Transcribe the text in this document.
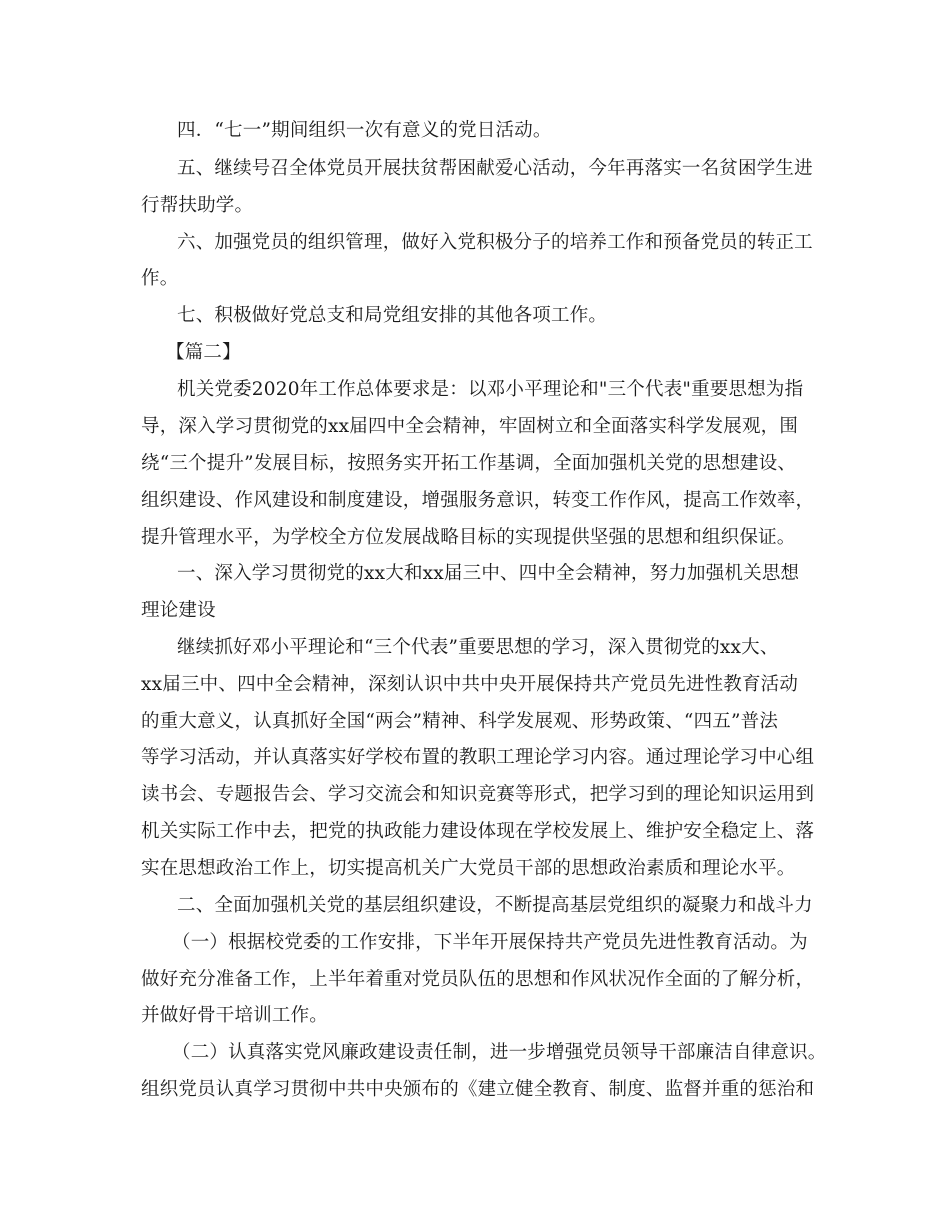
四．“七一”期间组织一次有意义的党日活动。
五、继续号召全体党员开展扶贫帮困献爱心活动，今年再落实一名贫困学生进
行帮扶助学。
六、加强党员的组织管理，做好入党积极分子的培养工作和预备党员的转正工
作。
七、积极做好党总支和局党组安排的其他各项工作。
【篇二】
机关党委2020年工作总体要求是：以邓小平理论和"三个代表"重要思想为指
导，深入学习贯彻党的xx届四中全会精神，牢固树立和全面落实科学发展观，围
绕“三个提升”发展目标，按照务实开拓工作基调，全面加强机关党的思想建设、
组织建设、作风建设和制度建设，增强服务意识，转变工作作风，提高工作效率，
提升管理水平，为学校全方位发展战略目标的实现提供坚强的思想和组织保证。
一、深入学习贯彻党的xx大和xx届三中、四中全会精神，努力加强机关思想
理论建设
继续抓好邓小平理论和“三个代表”重要思想的学习，深入贯彻党的xx大、
xx届三中、四中全会精神，深刻认识中共中央开展保持共产党员先进性教育活动
的重大意义，认真抓好全国“两会”精神、科学发展观、形势政策、“四五”普法
等学习活动，并认真落实好学校布置的教职工理论学习内容。通过理论学习中心组
读书会、专题报告会、学习交流会和知识竞赛等形式，把学习到的理论知识运用到
机关实际工作中去，把党的执政能力建设体现在学校发展上、维护安全稳定上、落
实在思想政治工作上，切实提高机关广大党员干部的思想政治素质和理论水平。
二、全面加强机关党的基层组织建设，不断提高基层党组织的凝聚力和战斗力
（一）根据校党委的工作安排，下半年开展保持共产党员先进性教育活动。为
做好充分准备工作，上半年着重对党员队伍的思想和作风状况作全面的了解分析，
并做好骨干培训工作。
（二）认真落实党风廉政建设责任制，进一步增强党员领导干部廉洁自律意识。
组织党员认真学习贯彻中共中央颁布的《建立健全教育、制度、监督并重的惩治和
